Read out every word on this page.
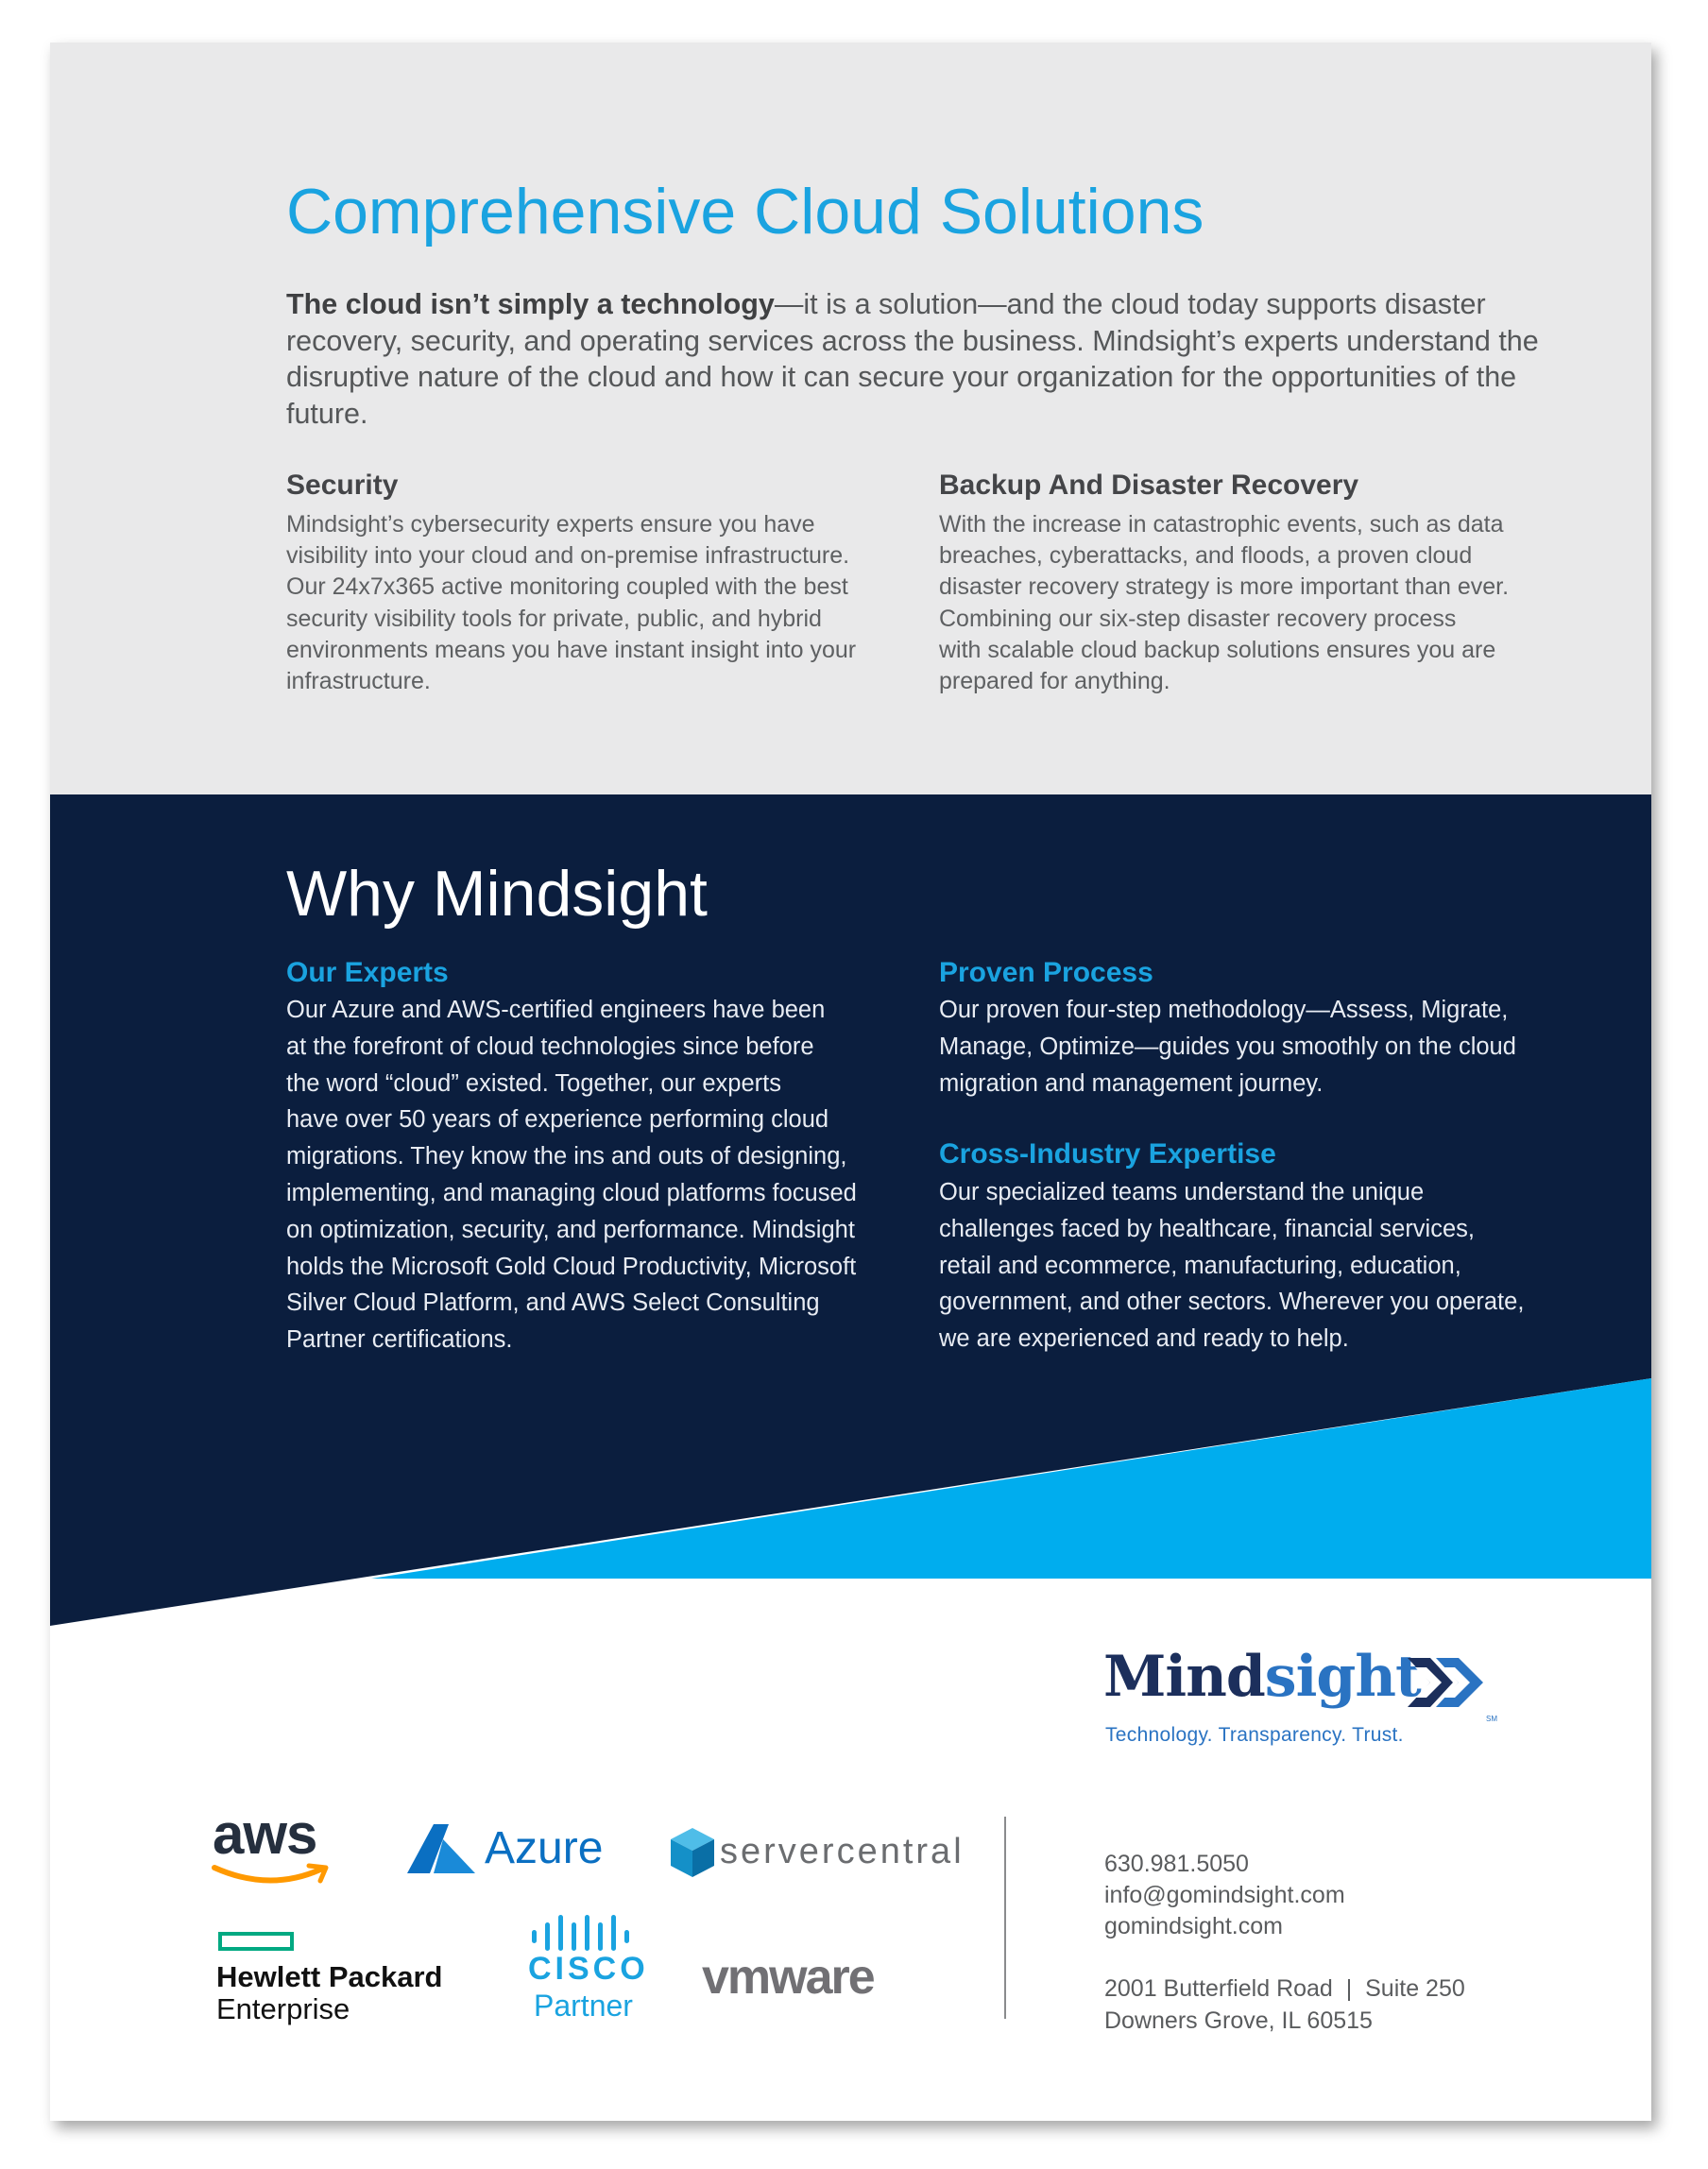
Comprehensive Cloud Solutions

The cloud isn’t simply a technology—it is a solution—and the cloud today supports disaster recovery, security, and operating services across the business. Mindsight’s experts understand the disruptive nature of the cloud and how it can secure your organization for the opportunities of the future.

Security

Mindsight’s cybersecurity experts ensure you have
visibility into your cloud and on-premise infrastructure.
Our 24x7x365 active monitoring coupled with the best
security visibility tools for private, public, and hybrid
environments means you have instant insight into your
infrastructure.

Backup And Disaster Recovery

With the increase in catastrophic events, such as data
breaches, cyberattacks, and floods, a proven cloud
disaster recovery strategy is more important than ever.
Combining our six-step disaster recovery process
with scalable cloud backup solutions ensures you are
prepared for anything.

Why Mindsight
Our Experts

Our Azure and AWS-certified engineers have been
at the forefront of cloud technologies since before
the word “cloud” existed. Together, our experts
have over 50 years of experience performing cloud
migrations. They know the ins and outs of designing,
implementing, and managing cloud platforms focused
on optimization, security, and performance. Mindsight
holds the Microsoft Gold Cloud Productivity, Microsoft
Silver Cloud Platform, and AWS Select Consulting
Partner certifications.

Proven Process

Our proven four-step methodology—Assess, Migrate,
Manage, Optimize—guides you smoothly on the cloud
migration and management journey.

Cross-Industry Expertise

Our specialized teams understand the unique
challenges faced by healthcare, financial services,
retail and ecommerce, manufacturing, education,
government, and other sectors. Wherever you operate,
we are experienced and ready to help.

Mindsight

SM

Technology. Transparency. Trust.

aws	Azure	servercentral
Hewlett Packard
Enterprise
CISCO
Partner
vmware

630.981.5050

info@gomindsight.com

gomindsight.com

2001 Butterfield Road  |  Suite 250

Downers Grove, IL 60515
